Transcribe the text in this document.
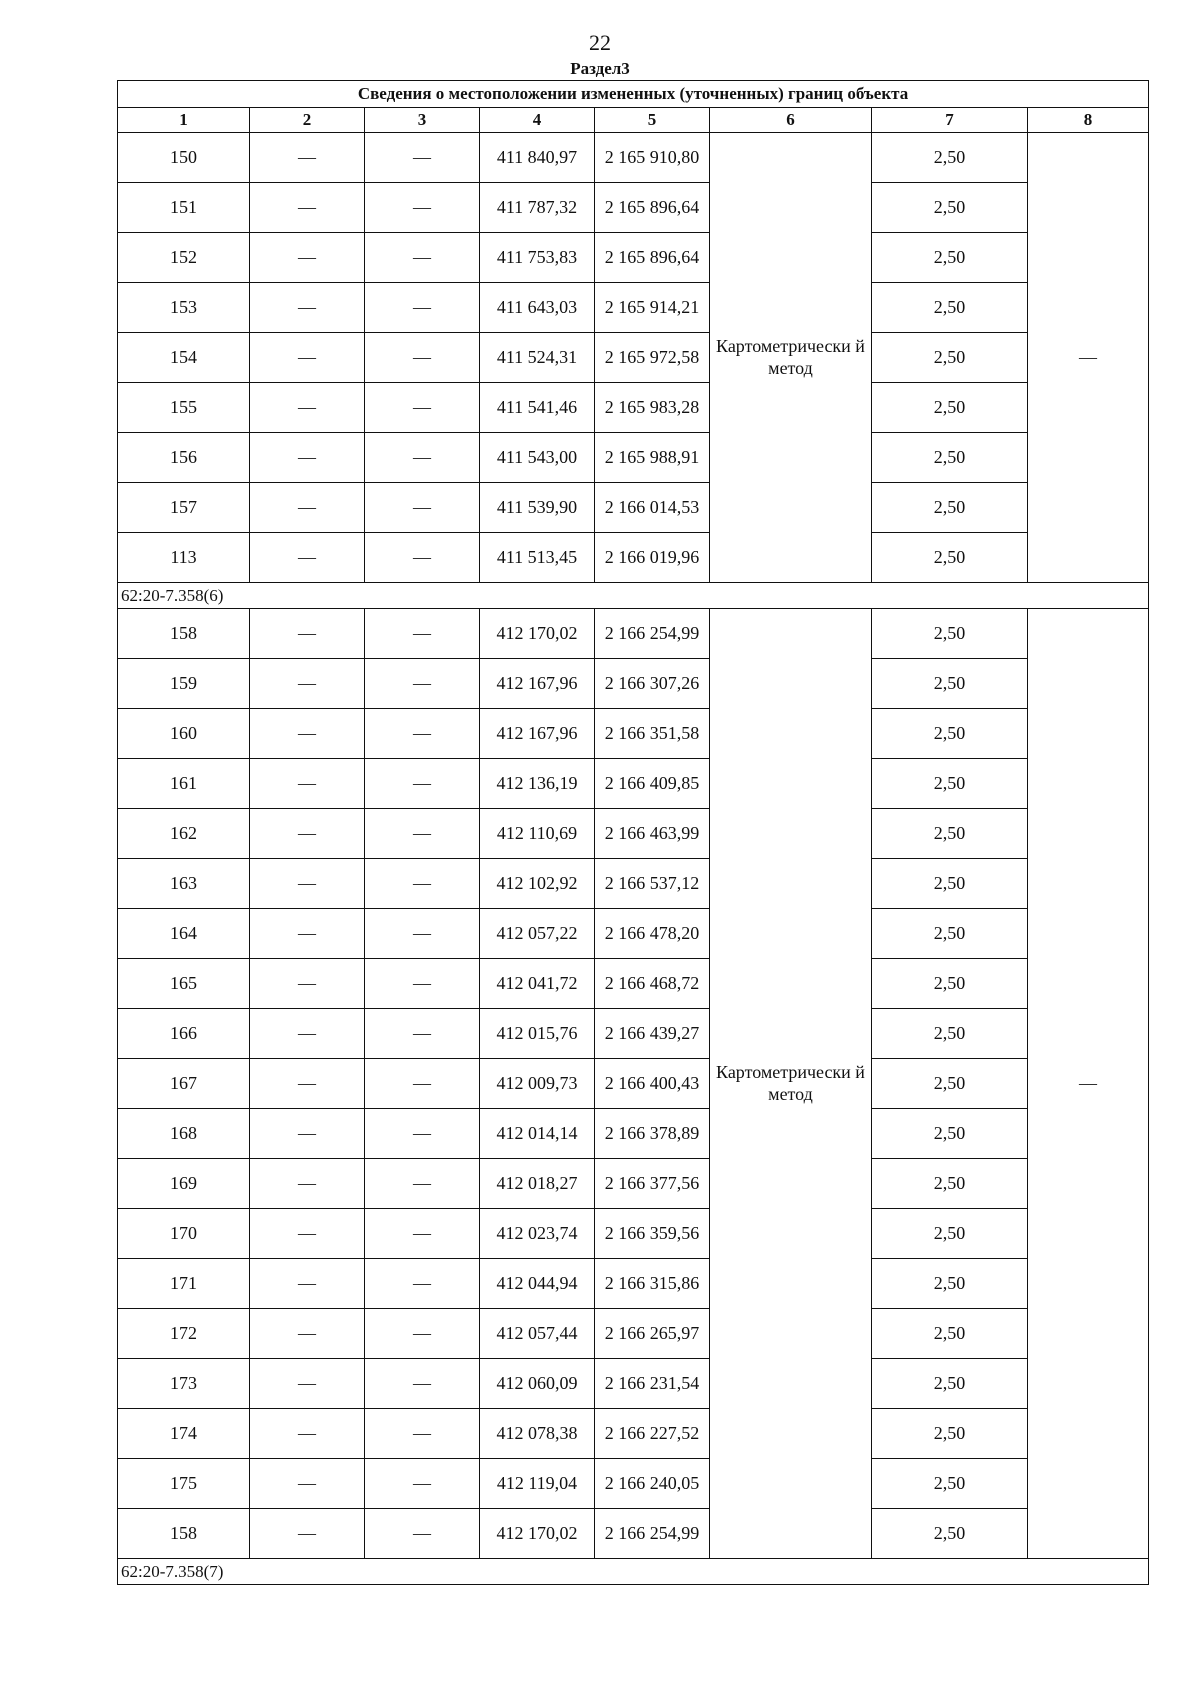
22
Раздел3
Сведения о местоположении измененных (уточненных) границ объекта							
1	2	3	4	5	6	7	8
150	—	—	411 840,97	2 165 910,80	Картометрически й метод	2,50	—
151	—	—	411 787,32	2 165 896,64		2,50	
152	—	—	411 753,83	2 165 896,64		2,50	
153	—	—	411 643,03	2 165 914,21		2,50	
154	—	—	411 524,31	2 165 972,58		2,50	
155	—	—	411 541,46	2 165 983,28		2,50	
156	—	—	411 543,00	2 165 988,91		2,50	
157	—	—	411 539,90	2 166 014,53		2,50	
113	—	—	411 513,45	2 166 019,96		2,50	
62:20-7.358(6)							
158	—	—	412 170,02	2 166 254,99	Картометрически й метод	2,50	—
159	—	—	412 167,96	2 166 307,26		2,50	
160	—	—	412 167,96	2 166 351,58		2,50	
161	—	—	412 136,19	2 166 409,85		2,50	
162	—	—	412 110,69	2 166 463,99		2,50	
163	—	—	412 102,92	2 166 537,12		2,50	
164	—	—	412 057,22	2 166 478,20		2,50	
165	—	—	412 041,72	2 166 468,72		2,50	
166	—	—	412 015,76	2 166 439,27		2,50	
167	—	—	412 009,73	2 166 400,43		2,50	
168	—	—	412 014,14	2 166 378,89		2,50	
169	—	—	412 018,27	2 166 377,56		2,50	
170	—	—	412 023,74	2 166 359,56		2,50	
171	—	—	412 044,94	2 166 315,86		2,50	
172	—	—	412 057,44	2 166 265,97		2,50	
173	—	—	412 060,09	2 166 231,54		2,50	
174	—	—	412 078,38	2 166 227,52		2,50	
175	—	—	412 119,04	2 166 240,05		2,50	
158	—	—	412 170,02	2 166 254,99		2,50	
62:20-7.358(7)							
